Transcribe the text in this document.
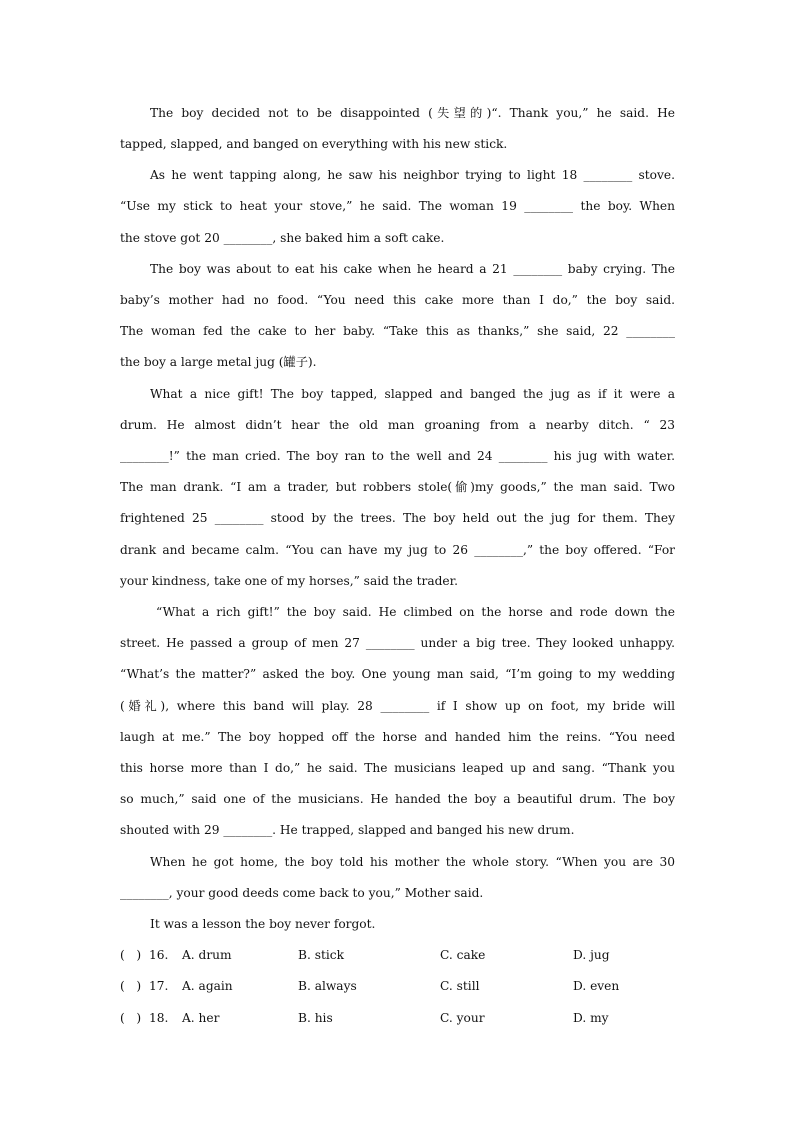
The boy decided not to be disappointed (失望的)“. Thank you,” he said. He
tapped, slapped, and banged on everything with his new stick.
As he went tapping along, he saw his neighbor trying to light 18 ________ stove.
“Use my stick to heat your stove,” he said. The woman 19 ________ the boy. When
the stove got 20 ________, she baked him a soft cake.
The boy was about to eat his cake when he heard a 21 ________ baby crying. The
baby’s mother had no food. “You need this cake more than I do,” the boy said.
The woman fed the cake to her baby. “Take this as thanks,” she said, 22 ________
the boy a large metal jug (罐子).
What a nice gift! The boy tapped, slapped and banged the jug as if it were a
drum. He almost didn’t hear the old man groaning from a nearby ditch. “ 23
________!” the man cried. The boy ran to the well and 24 ________ his jug with water.
The man drank. “I am a trader, but robbers stole(偷)my goods,” the man said. Two
frightened 25 ________ stood by the trees. The boy held out the jug for them. They
drank and became calm. “You can have my jug to 26 ________,” the boy offered. “For
your kindness, take one of my horses,” said the trader.
“What a rich gift!” the boy said. He climbed on the horse and rode down the
street. He passed a group of men 27 ________ under a big tree. They looked unhappy.
“What’s the matter?” asked the boy. One young man said, “I’m going to my wedding
(婚礼), where this band will play. 28 ________ if I show up on foot, my bride will
laugh at me.” The boy hopped off the horse and handed him the reins. “You need
this horse more than I do,” he said. The musicians leaped up and sang. “Thank you
so much,” said one of the musicians. He handed the boy a beautiful drum. The boy
shouted with 29 ________. He trapped, slapped and banged his new drum.
When he got home, the boy told his mother the whole story. “When you are 30
________, your good deeds come back to you,” Mother said.
It was a lesson the boy never forgot.
(   ) 16. A. drum	B. stick	C. cake	D. jug
(   ) 17. A. again	B. always	C. still	D. even
(   ) 18. A. her	B. his	C. your	D. my
